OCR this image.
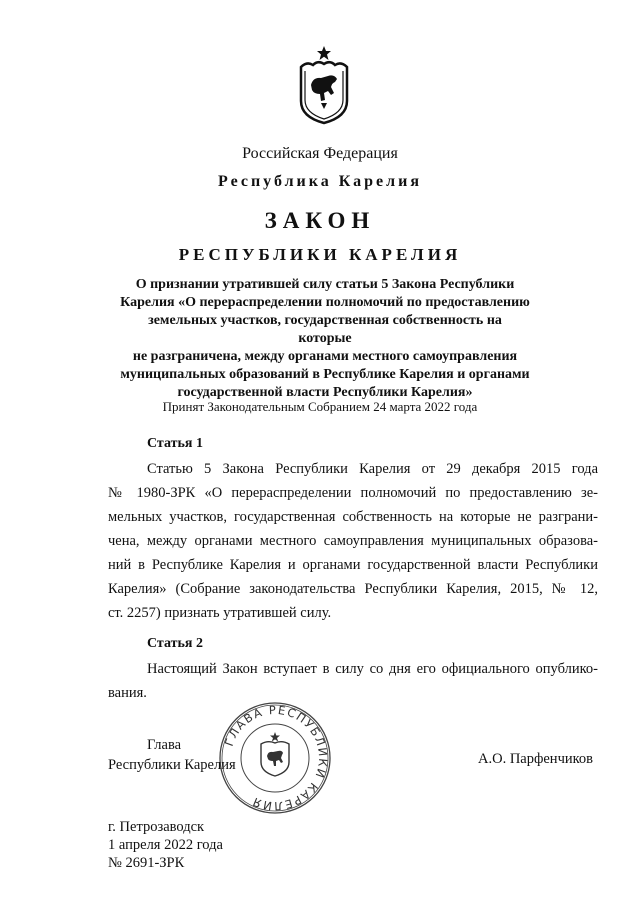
Российская Федерация
Республика Карелия
ЗАКОН
РЕСПУБЛИКИ КАРЕЛИЯ
О признании утратившей силу статьи 5 Закона Республики
Карелия «О перераспределении полномочий по предоставлению
земельных участков, государственная собственность на которые
не разграничена, между органами местного самоуправления
муниципальных образований в Республике Карелия и органами
государственной власти Республики Карелия»
Принят Законодательным Собранием 24 марта 2022 года
Статья 1
Статью 5 Закона Республики Карелия от 29 декабря 2015 года
№ 1980-ЗРК «О перераспределении полномочий по предоставлению зе-
мельных участков, государственная собственность на которые не разграни-
чена, между органами местного самоуправления муниципальных образова-
ний в Республике Карелия и органами государственной власти Республики
Карелия» (Собрание законодательства Республики Карелия, 2015, № 12,
ст. 2257) признать утратившей силу.
Статья 2
Настоящий Закон вступает в силу со дня его официального опублико-
вания.
ГЛАВА РЕСПУБЛИКИ КАРЕЛИЯ
Глава
Республики Карелия	А.О. Парфенчиков
г. Петрозаводск
1 апреля 2022 года
№ 2691-ЗРК
